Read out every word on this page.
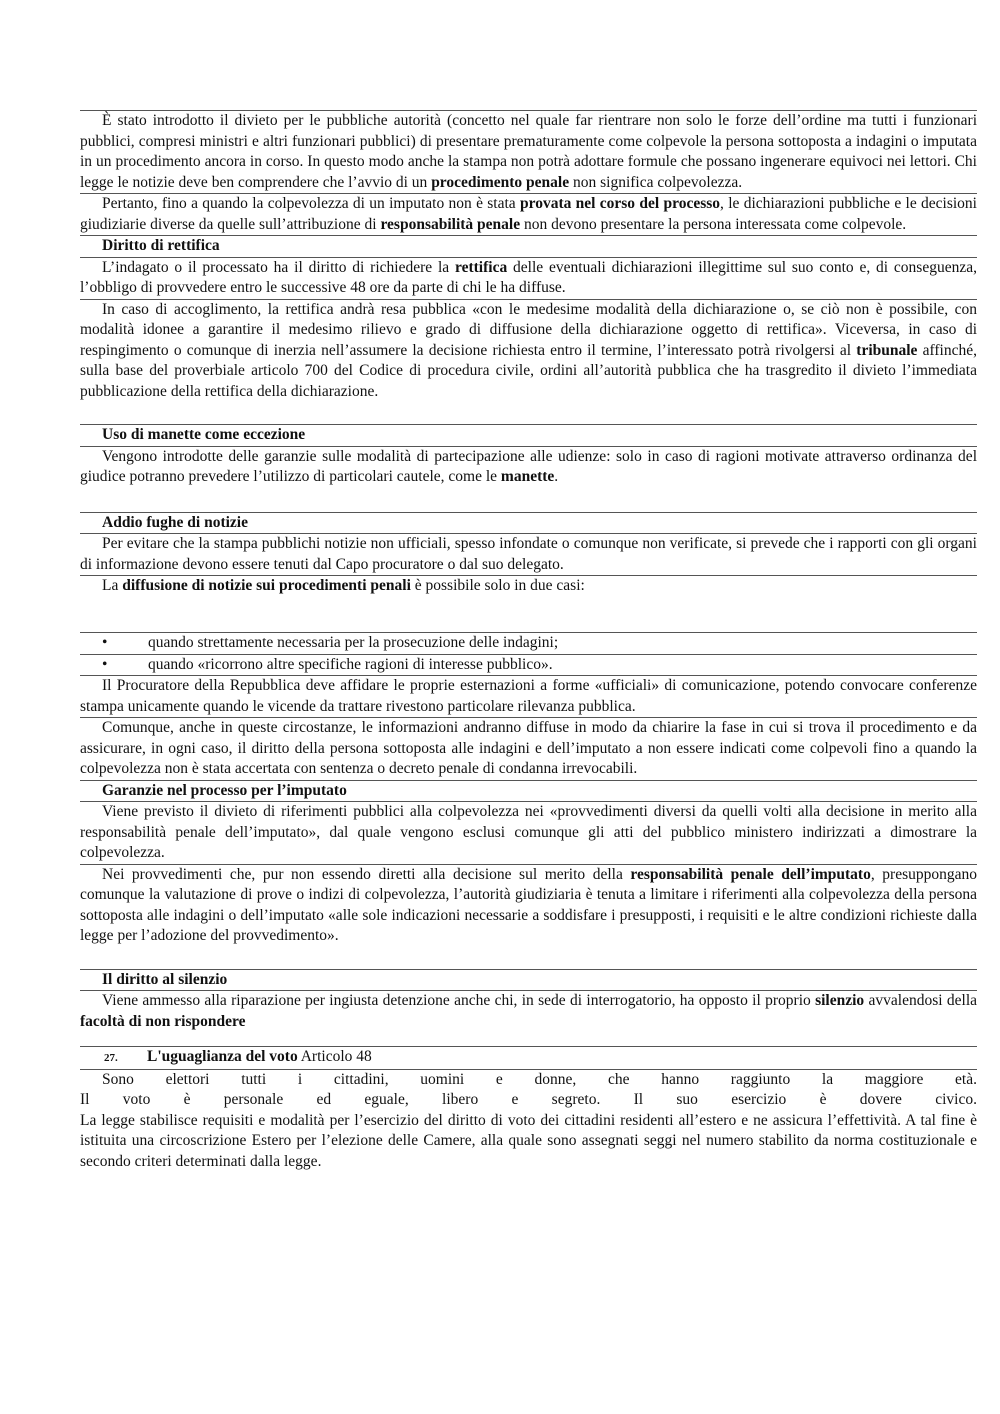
È stato introdotto il divieto per le pubbliche autorità (concetto nel quale far rientrare non solo le forze dell’ordine ma tutti i funzionari pubblici, compresi ministri e altri funzionari pubblici) di presentare prematuramente come colpevole la persona sottoposta a indagini o imputata in un procedimento ancora in corso. In questo modo anche la stampa non potrà adottare formule che possano ingenerare equivoci nei lettori. Chi legge le notizie deve ben comprendere che l’avvio di un procedimento penale non significa colpevolezza.
Pertanto, fino a quando la colpevolezza di un imputato non è stata provata nel corso del processo, le dichiarazioni pubbliche e le decisioni giudiziarie diverse da quelle sull’attribuzione di responsabilità penale non devono presentare la persona interessata come colpevole.
Diritto di rettifica
L’indagato o il processato ha il diritto di richiedere la rettifica delle eventuali dichiarazioni illegittime sul suo conto e, di conseguenza, l’obbligo di provvedere entro le successive 48 ore da parte di chi le ha diffuse.
In caso di accoglimento, la rettifica andrà resa pubblica «con le medesime modalità della dichiarazione o, se ciò non è possibile, con modalità idonee a garantire il medesimo rilievo e grado di diffusione della dichiarazione oggetto di rettifica». Viceversa, in caso di respingimento o comunque di inerzia nell’assumere la decisione richiesta entro il termine, l’interessato potrà rivolgersi al tribunale affinché, sulla base del proverbiale articolo 700 del Codice di procedura civile, ordini all’autorità pubblica che ha trasgredito il divieto l’immediata pubblicazione della rettifica della dichiarazione.
Uso di manette come eccezione
Vengono introdotte delle garanzie sulle modalità di partecipazione alle udienze: solo in caso di ragioni motivate attraverso ordinanza del giudice potranno prevedere l’utilizzo di particolari cautele, come le manette.
Addio fughe di notizie
Per evitare che la stampa pubblichi notizie non ufficiali, spesso infondate o comunque non verificate, si prevede che i rapporti con gli organi di informazione devono essere tenuti dal Capo procuratore o dal suo delegato.
La diffusione di notizie sui procedimenti penali è possibile solo in due casi:
•	quando strettamente necessaria per la prosecuzione delle indagini;
•	quando «ricorrono altre specifiche ragioni di interesse pubblico».
Il Procuratore della Repubblica deve affidare le proprie esternazioni a forme «ufficiali» di comunicazione, potendo convocare conferenze stampa unicamente quando le vicende da trattare rivestono particolare rilevanza pubblica.
Comunque, anche in queste circostanze, le informazioni andranno diffuse in modo da chiarire la fase in cui si trova il procedimento e da assicurare, in ogni caso, il diritto della persona sottoposta alle indagini e dell’imputato a non essere indicati come colpevoli fino a quando la colpevolezza non è stata accertata con sentenza o decreto penale di condanna irrevocabili.
Garanzie nel processo per l’imputato
Viene previsto il divieto di riferimenti pubblici alla colpevolezza nei «provvedimenti diversi da quelli volti alla decisione in merito alla responsabilità penale dell’imputato», dal quale vengono esclusi comunque gli atti del pubblico ministero indirizzati a dimostrare la colpevolezza.
Nei provvedimenti che, pur non essendo diretti alla decisione sul merito della responsabilità penale dell’imputato, presuppongano comunque la valutazione di prove o indizi di colpevolezza, l’autorità giudiziaria è tenuta a limitare i riferimenti alla colpevolezza della persona sottoposta alle indagini o dell’imputato «alle sole indicazioni necessarie a soddisfare i presupposti, i requisiti e le altre condizioni richieste dalla legge per l’adozione del provvedimento».
Il diritto al silenzio
Viene ammesso alla riparazione per ingiusta detenzione anche chi, in sede di interrogatorio, ha opposto il proprio silenzio avvalendosi della facoltà di non rispondere
27.	L'uguaglianza del voto Articolo 48
Sono elettori tutti i cittadini, uomini e donne, che hanno raggiunto la maggiore età.
Il voto è personale ed eguale, libero e segreto. Il suo esercizio è dovere civico.
La legge stabilisce requisiti e modalità per l’esercizio del diritto di voto dei cittadini residenti all’estero e ne assicura l’effettività. A tal fine è istituita una circoscrizione Estero per l’elezione delle Camere, alla quale sono assegnati seggi nel numero stabilito da norma costituzionale e secondo criteri determinati dalla legge.
